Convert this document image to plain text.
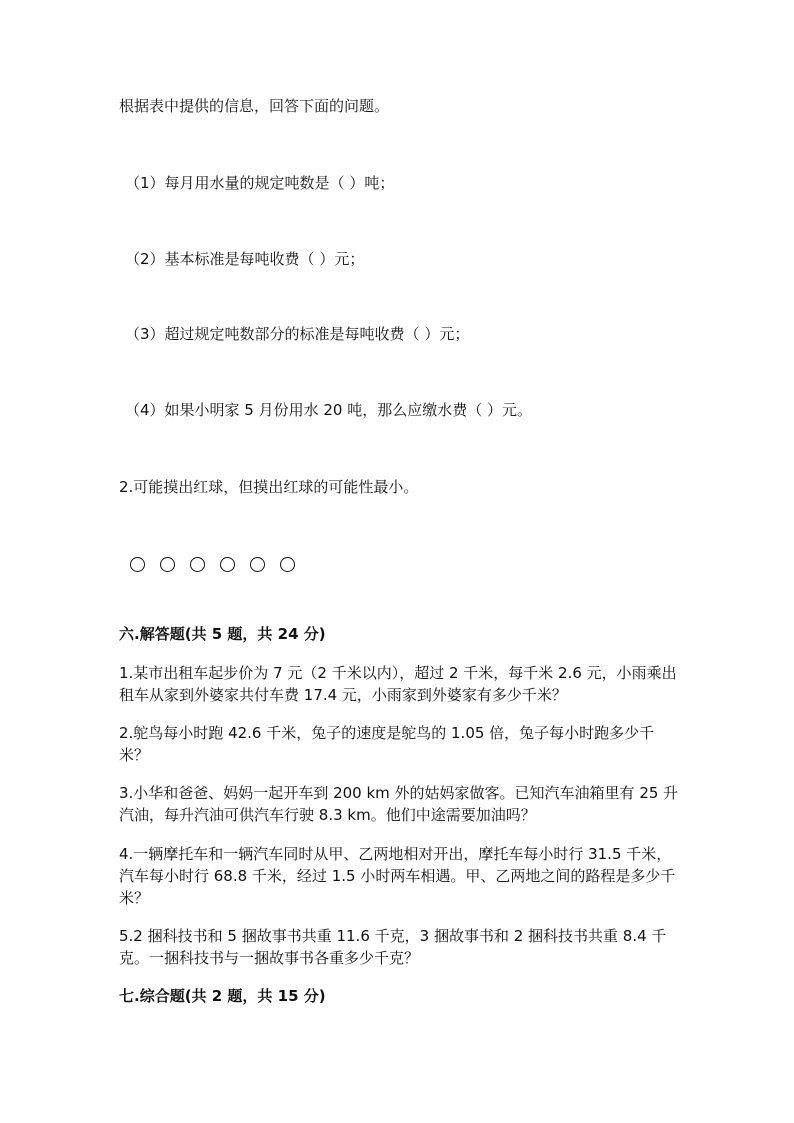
根据表中提供的信息，回答下面的问题。
（1）每月用水量的规定吨数是（ ）吨；
（2）基本标准是每吨收费（ ）元；
（3）超过规定吨数部分的标准是每吨收费（ ）元；
（4）如果小明家 5 月份用水 20 吨，那么应缴水费（ ）元。
2.可能摸出红球，但摸出红球的可能性最小。
六.解答题(共 5 题，共 24 分)
1.某市出租车起步价为 7 元（2 千米以内），超过 2 千米，每千米 2.6 元，小雨乘出租车从家到外婆家共付车费 17.4 元，小雨家到外婆家有多少千米？
2.鸵鸟每小时跑 42.6 千米，兔子的速度是鸵鸟的 1.05 倍，兔子每小时跑多少千米？
3.小华和爸爸、妈妈一起开车到 200 km 外的姑妈家做客。已知汽车油箱里有 25 升汽油，每升汽油可供汽车行驶 8.3 km。他们中途需要加油吗？
4.一辆摩托车和一辆汽车同时从甲、乙两地相对开出，摩托车每小时行 31.5 千米，汽车每小时行 68.8 千米，经过 1.5 小时两车相遇。甲、乙两地之间的路程是多少千米？
5.2 捆科技书和 5 捆故事书共重 11.6 千克，3 捆故事书和 2 捆科技书共重 8.4 千克。一捆科技书与一捆故事书各重多少千克？
七.综合题(共 2 题，共 15 分)
